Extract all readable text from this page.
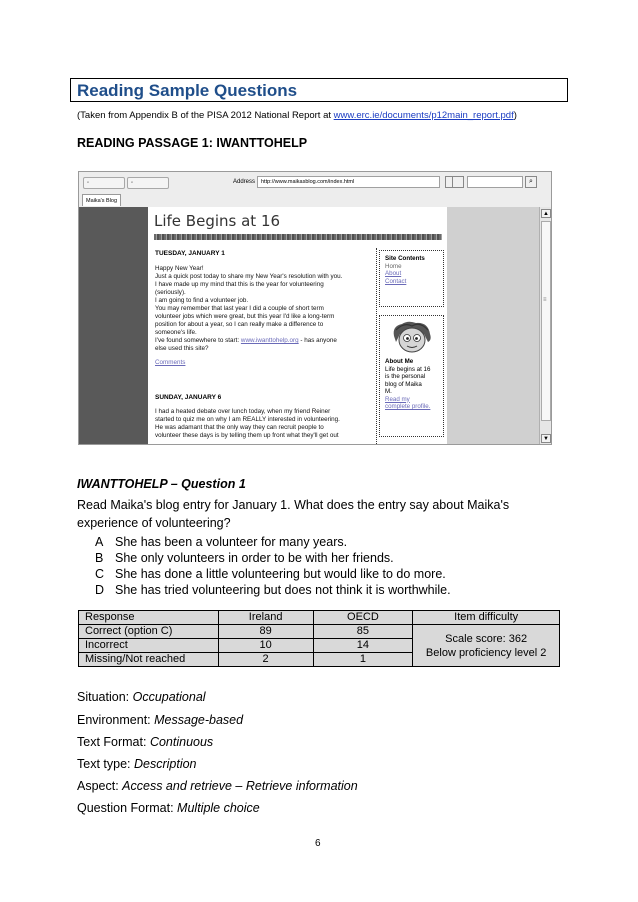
Reading Sample Questions
(Taken from Appendix B of the PISA 2012 National Report at www.erc.ie/documents/p12main_report.pdf)
READING PASSAGE 1: IWANTTOHELP
◦	◦	Address	http://www.maikasblog.com/index.html	⌕
Maika's Blog
Life Begins at 16
TUESDAY, JANUARY 1
Happy New Year!
Just a quick post today to share my New Year's resolution with you.
I have made up my mind that this is the year for volunteering
(seriously).
I am going to find a volunteer job.
You may remember that last year I did a couple of short term
volunteer jobs which were great, but this year I'd like a long-term
position for about a year, so I can really make a difference to
someone's life.
I've found somewhere to start: www.iwanttohelp.org - has anyone
else used this site?
Comments
SUNDAY, JANUARY 6
I had a heated debate over lunch today, when my friend Reiner
started to quiz me on why I am REALLY interested in volunteering.
He was adamant that the only way they can recruit people to
volunteer these days is by telling them up front what they'll get out
Site Contents
Home
About
Contact
About Me
Life begins at 16
is the personal
blog of Maika
M.
Read my
complete profile.
▲
≡
▼
IWANTTOHELP – Question 1
Read Maika's blog entry for January 1. What does the entry say about Maika's experience of volunteering?
A She has been a volunteer for many years.
B She only volunteers in order to be with her friends.
C She has done a little volunteering but would like to do more.
D She has tried volunteering but does not think it is worthwhile.
Response	Ireland	OECD	Item difficulty
Correct (option C)	89	85	Scale score: 362
Below proficiency level 2

Incorrect	10	14	
Missing/Not reached	2	1	
Situation: Occupational
Environment: Message-based
Text Format: Continuous
Text type: Description
Aspect: Access and retrieve – Retrieve information
Question Format: Multiple choice
6
